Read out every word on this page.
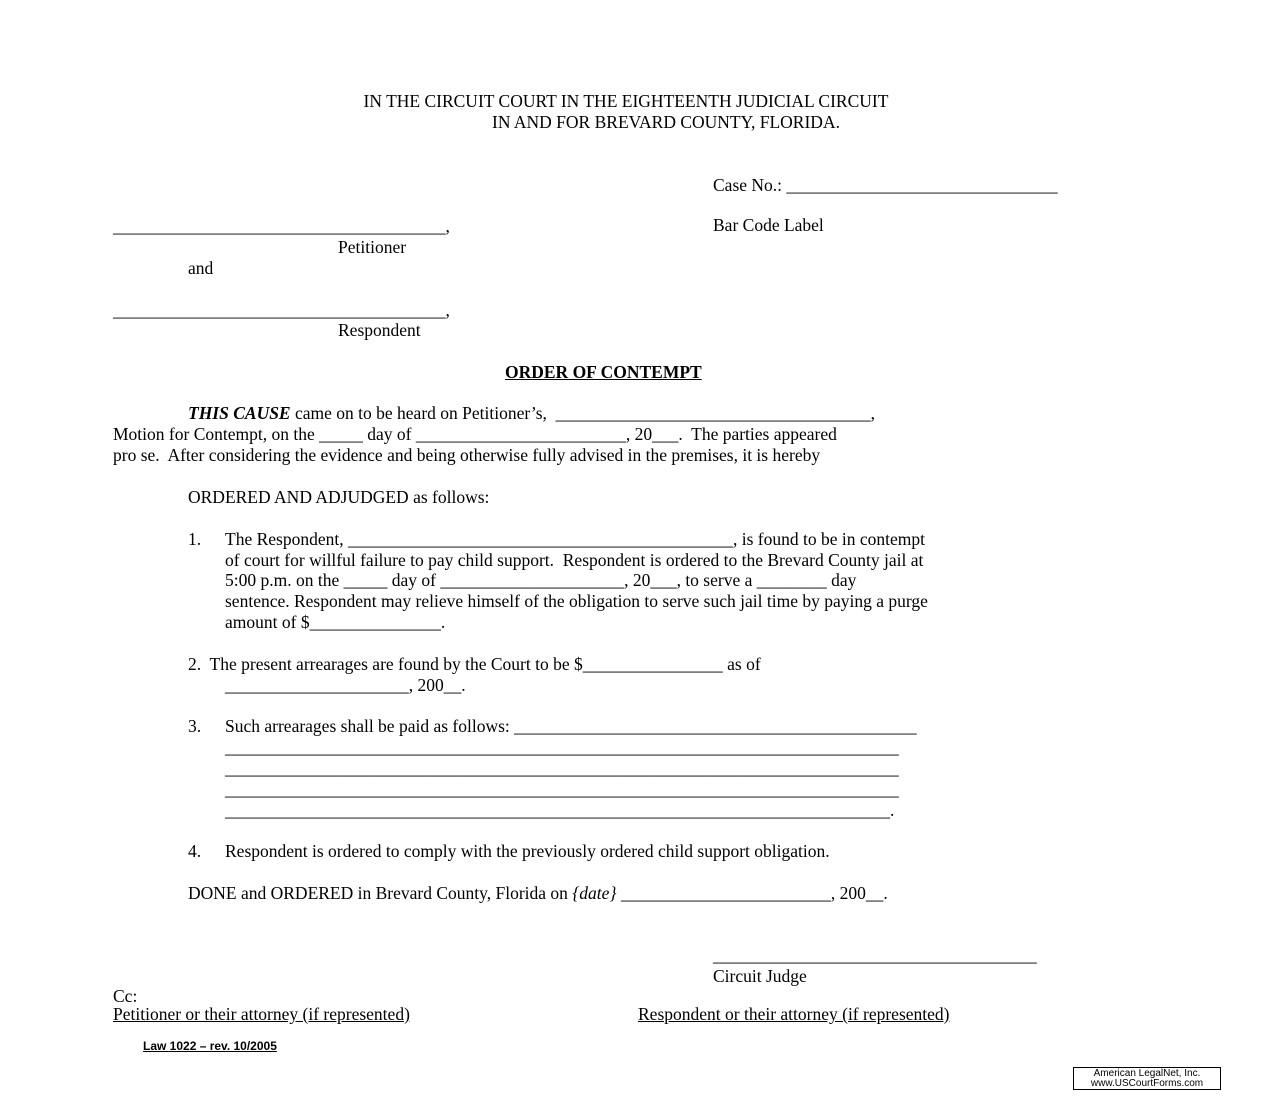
IN THE CIRCUIT COURT IN THE EIGHTEENTH JUDICIAL CIRCUIT
IN AND FOR BREVARD COUNTY, FLORIDA.
Case No.: _______________________________
Bar Code Label
______________________________________,
Petitioner
and
______________________________________,
Respondent
ORDER OF CONTEMPT
THIS CAUSE came on to be heard on Petitioner’s,  ____________________________________,
Motion for Contempt, on the _____ day of ________________________, 20___.  The parties appeared
pro se.  After considering the evidence and being otherwise fully advised in the premises, it is hereby
ORDERED AND ADJUDGED as follows:
1. The Respondent, ____________________________________________, is found to be in contempt
of court for willful failure to pay child support.  Respondent is ordered to the Brevard County jail at
5:00 p.m. on the _____ day of _____________________, 20___, to serve a ________ day
sentence. Respondent may relieve himself of the obligation to serve such jail time by paying a purge
amount of $_______________.
2.  The present arrearages are found by the Court to be $________________ as of
_____________________, 200__.
3. Such arrearages shall be paid as follows: ______________________________________________
_____________________________________________________________________________
_____________________________________________________________________________
_____________________________________________________________________________
____________________________________________________________________________.
4. Respondent is ordered to comply with the previously ordered child support obligation.
DONE and ORDERED in Brevard County, Florida on {date} ________________________, 200__.
_____________________________________
Circuit Judge
Cc:
Petitioner or their attorney (if represented)	Respondent or their attorney (if represented)
Law 1022 – rev. 10/2005
American LegalNet, Inc.
www.USCourtForms.com
